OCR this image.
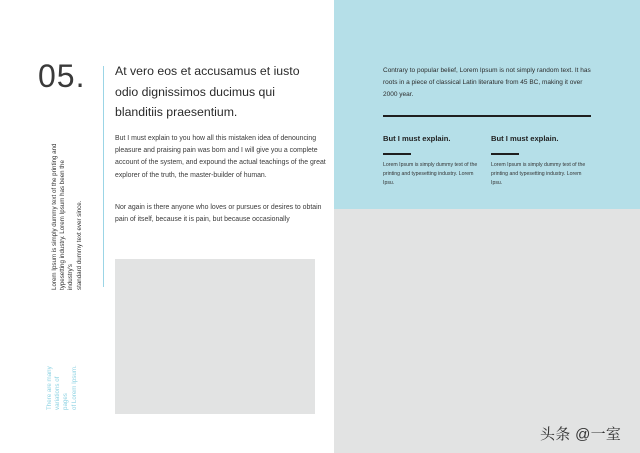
05.
Lorem Ipsum is simply dummy text of the printing and
typesetting industry. Lorem Ipsum has been the industry's
standard dummy text ever since.
There are many
variations of pages
of Lorem Ipsum.
At vero eos et accusamus et iusto odio dignissimos ducimus qui blanditiis praesentium.

But I must explain to you how all this mistaken idea of denouncing pleasure and praising pain was born and I will give you a complete account of the system, and expound the actual teachings of the great explorer of the truth, the master-builder of human.

Nor again is there anyone who loves or pursues or desires to obtain pain of itself, because it is pain, but because occasionally

Contrary to popular belief, Lorem Ipsum is not simply random text. It has roots in a piece of classical Latin literature from 45 BC, making it over 2000 year.
But I must explain.
Lorem Ipsum is simply dummy text of the printing and typesetting industry. Lorem Ipsu.
But I must explain.
Lorem Ipsum is simply dummy text of the printing and typesetting industry. Lorem Ipsu.
头条 @一室
